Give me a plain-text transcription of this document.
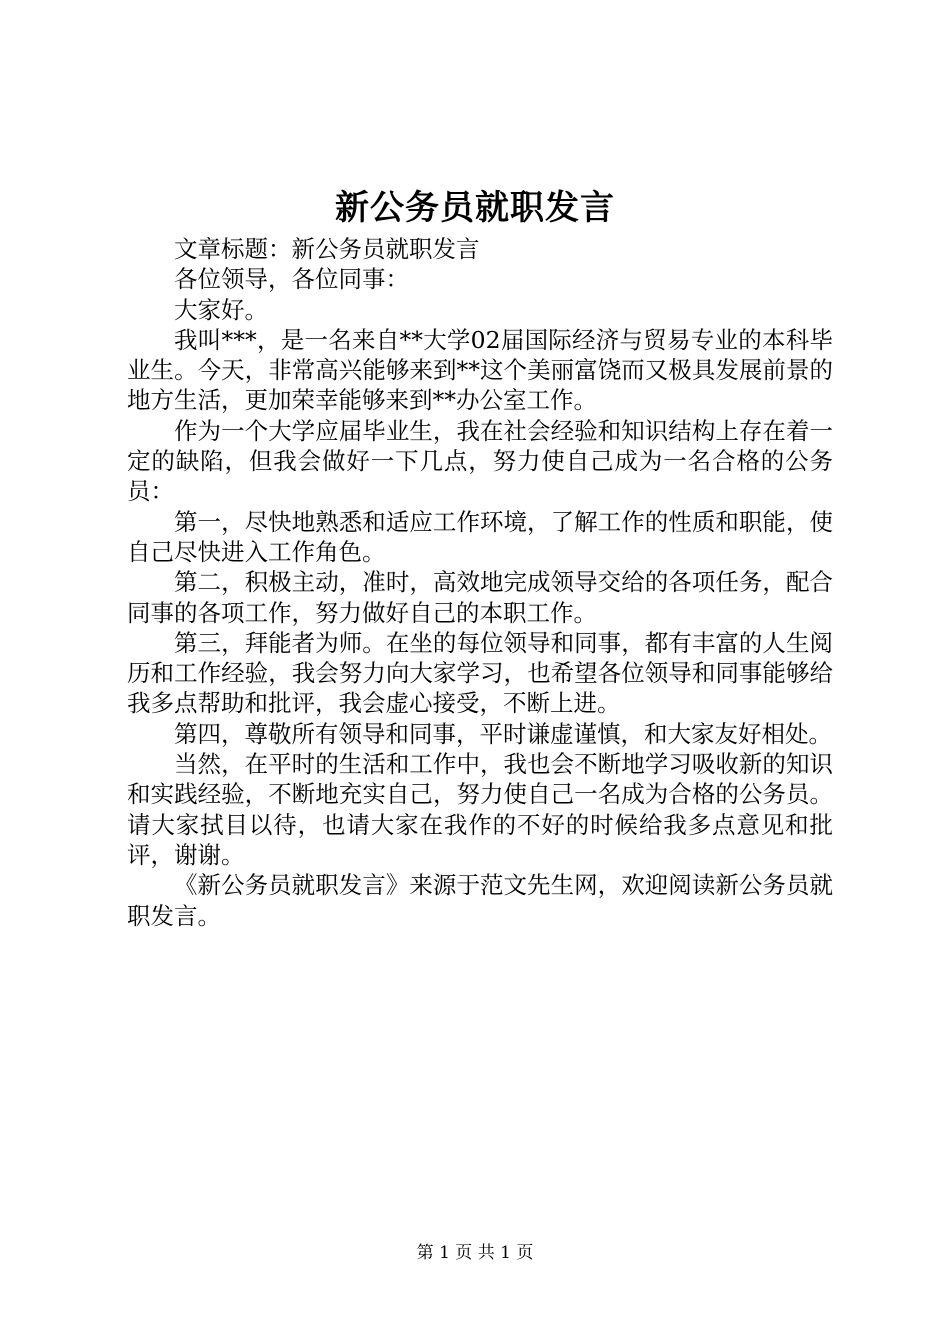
新公务员就职发言

文章标题：新公务员就职发言

各位领导，各位同事：

大家好。

我叫***，是一名来自**大学02届国际经济与贸易专业的本科毕业生。今天，非常高兴能够来到**这个美丽富饶而又极具发展前景的地方生活，更加荣幸能够来到**办公室工作。

作为一个大学应届毕业生，我在社会经验和知识结构上存在着一定的缺陷，但我会做好一下几点，努力使自己成为一名合格的公务员：

第一，尽快地熟悉和适应工作环境，了解工作的性质和职能，使自己尽快进入工作角色。

第二，积极主动，准时，高效地完成领导交给的各项任务，配合同事的各项工作，努力做好自己的本职工作。

第三，拜能者为师。在坐的每位领导和同事，都有丰富的人生阅历和工作经验，我会努力向大家学习，也希望各位领导和同事能够给我多点帮助和批评，我会虚心接受，不断上进。

第四，尊敬所有领导和同事，平时谦虚谨慎，和大家友好相处。

当然，在平时的生活和工作中，我也会不断地学习吸收新的知识和实践经验，不断地充实自己，努力使自己一名成为合格的公务员。请大家拭目以待，也请大家在我作的不好的时候给我多点意见和批评，谢谢。

《新公务员就职发言》来源于范文先生网，欢迎阅读新公务员就职发言。

第 1 页 共 1 页
